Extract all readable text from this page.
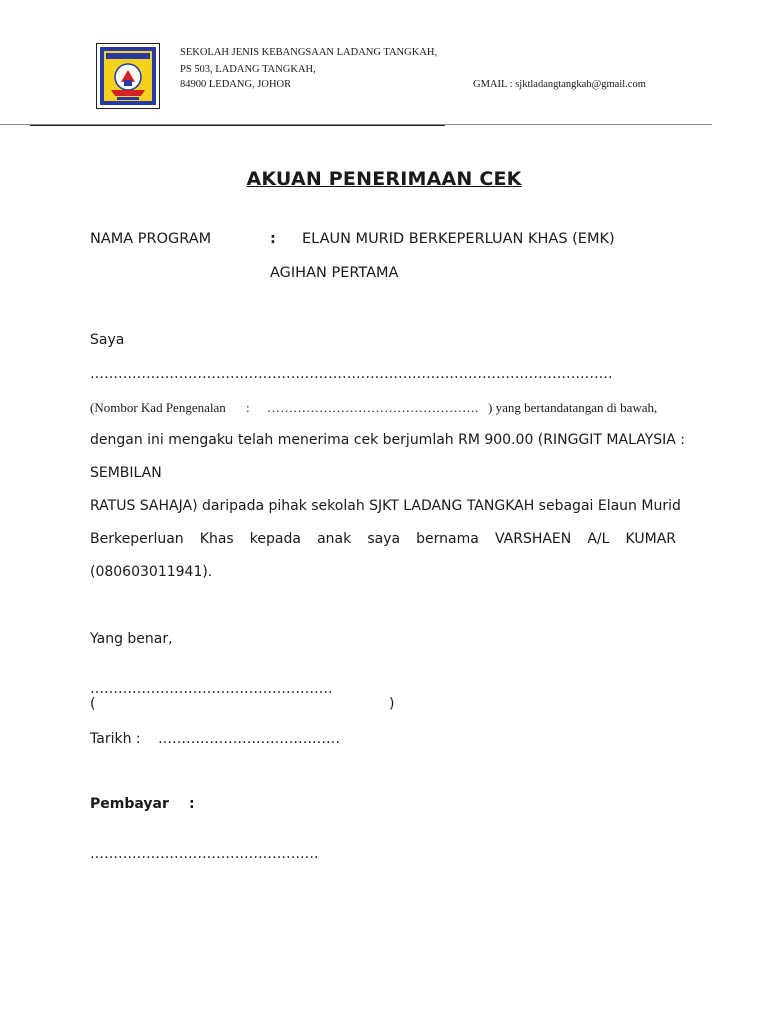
SEKOLAH JENIS KEBANGSAAN LADANG TANGKAH,
PS 503, LADANG TANGKAH,
84900 LEDANG, JOHOR	GMAIL : sjktladangtangkah@gmail.com
AKUAN PENERIMAAN CEK
NAMA PROGRAM	: ELAUN MURID BERKEPERLUAN KHAS (EMK)
AGIHAN PERTAMA
Saya
………………………………………………………………………………………………….
(Nombor Kad Pengenalan : …………………………………………. ) yang bertandatangan di bawah,
dengan ini mengaku telah menerima cek berjumlah RM 900.00 (RINGGIT MALAYSIA :
SEMBILAN
RATUS SAHAJA) daripada pihak sekolah SJKT LADANG TANGKAH sebagai Elaun Murid
Berkeperluan Khas kepada anak saya bernama VARSHAEN A/L KUMAR
(080603011941).
Yang benar,
…………………………………………….
(	)
Tarikh : …………………………………
Pembayar :
………………………………………….
